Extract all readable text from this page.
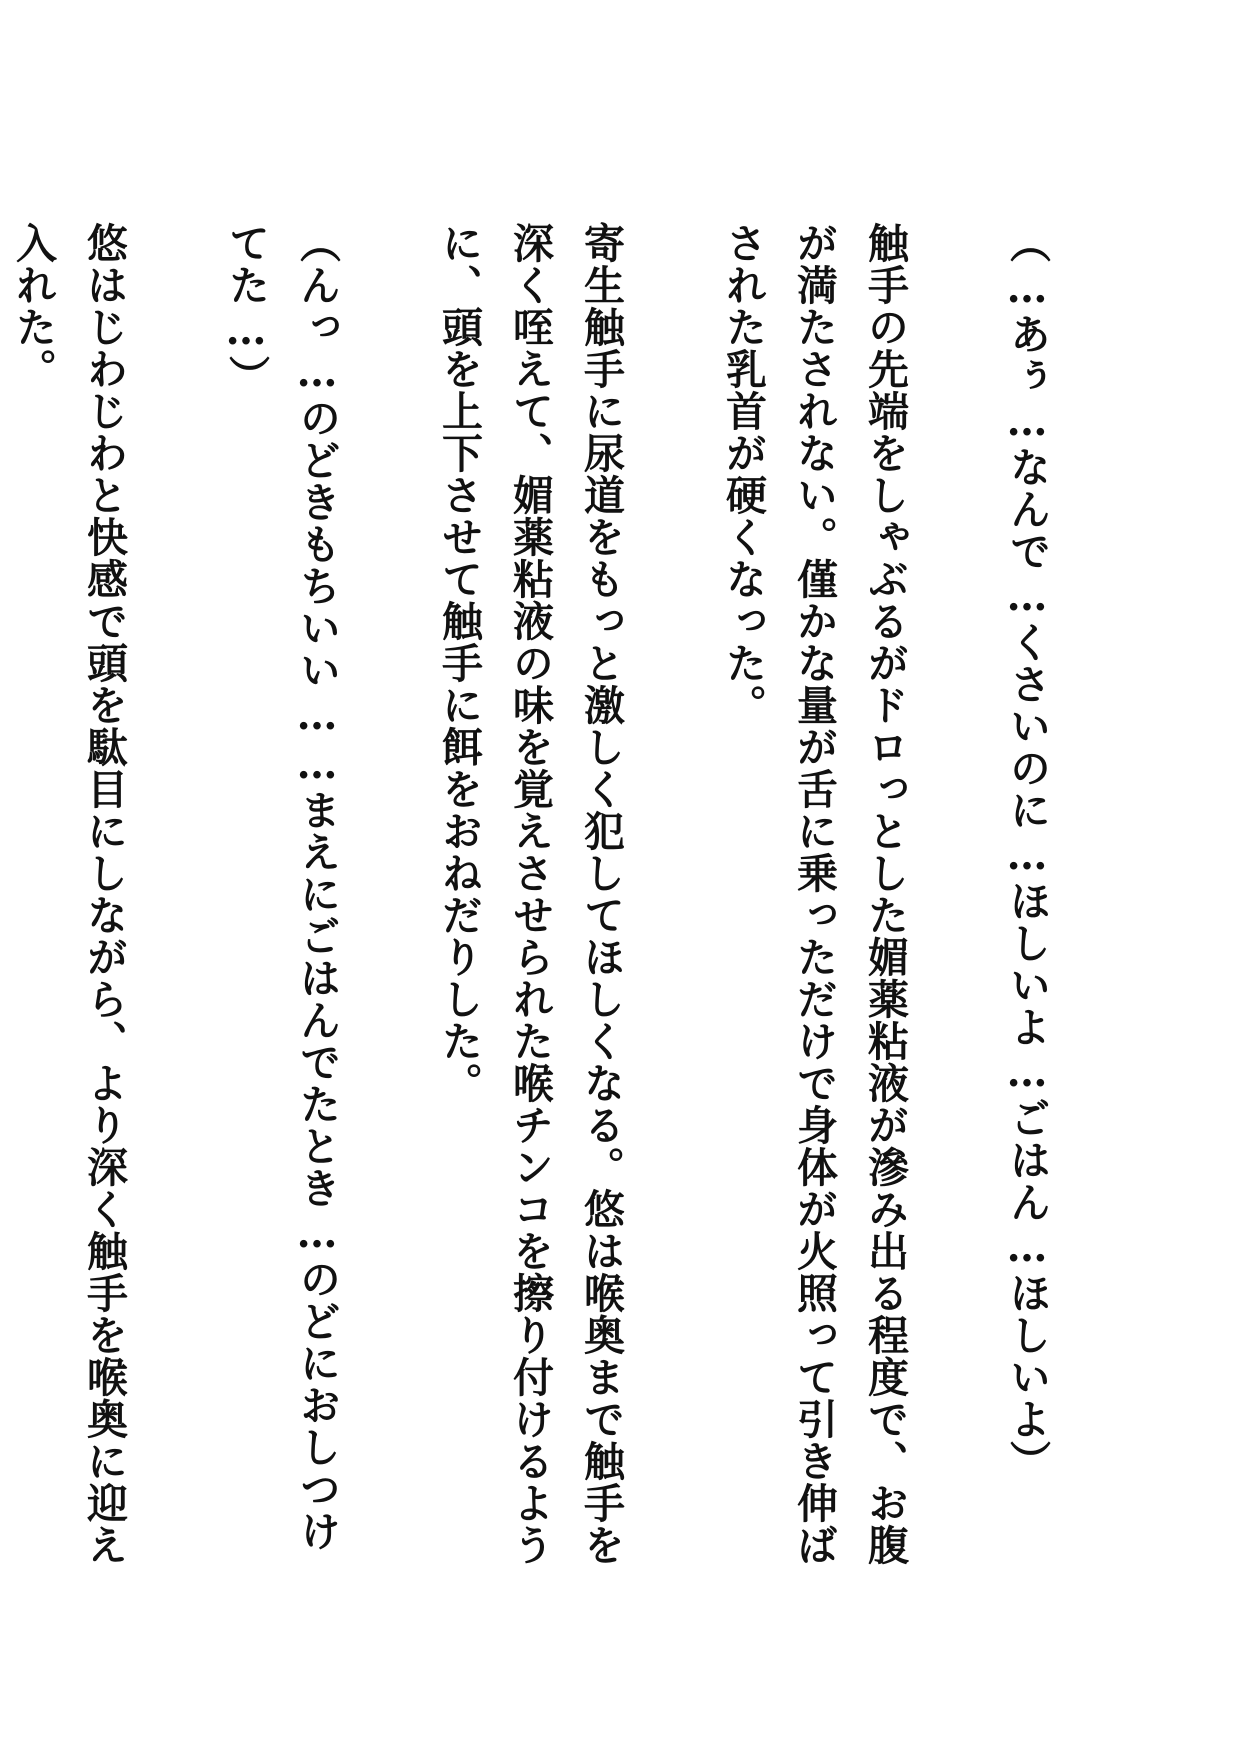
（…あぅ…なんで…くさいのに…ほしいよ…ごはん…ほしいよ）

触手の先端をしゃぶるがドロっとした媚薬粘液が滲み出る程度で、お腹が満たされない。僅かな量が舌に乗っただけで身体が火照って引き伸ばされた乳首が硬くなった。

寄生触手に尿道をもっと激しく犯してほしくなる。悠は喉奥まで触手を深く咥えて、媚薬粘液の味を覚えさせられた喉チンコを擦り付けるように、頭を上下させて触手に餌をおねだりした。

（んっ…のどきもちいい……まえにごはんでたとき…のどにおしつけてた…）

悠はじわじわと快感で頭を駄目にしながら、より深く触手を喉奥に迎え入れた。
